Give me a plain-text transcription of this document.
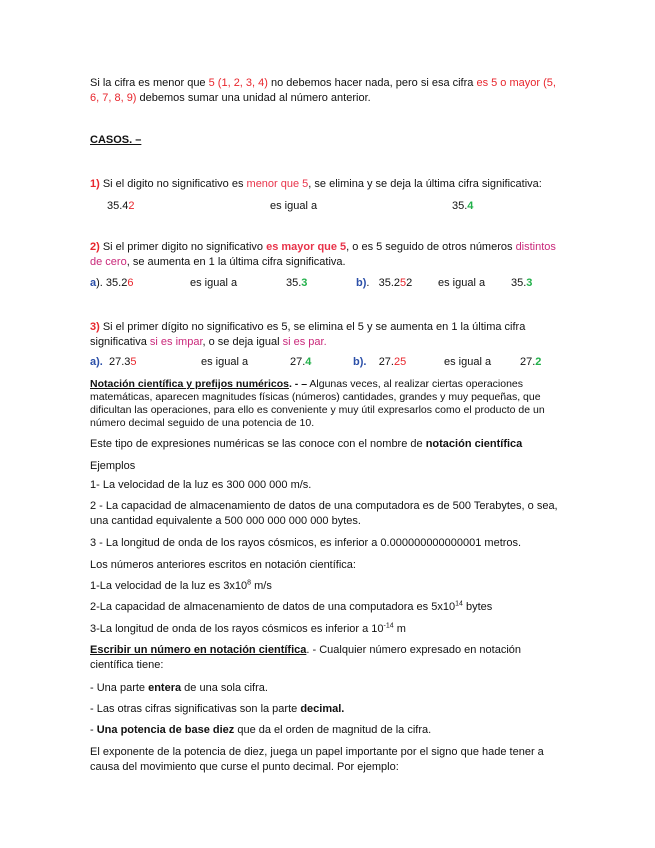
Si la cifra es menor que 5 (1, 2, 3, 4) no debemos hacer nada, pero si esa cifra es 5 o mayor (5, 6, 7, 8, 9) debemos sumar una unidad al número anterior.
CASOS. –
1) Si el digito no significativo es menor que 5, se elimina y se deja la última cifra significativa:
35.42	es igual a	35.4
2) Si el primer digito no significativo es mayor que 5, o es 5 seguido de otros números distintos de cero, se aumenta en 1 la última cifra significativa.
a). 35.26	es igual a	35.3	b). 35.252 es igual a 35.3
3) Si el primer dígito no significativo es 5, se elimina el 5 y se aumenta en 1 la última cifra significativa si es impar, o se deja igual si es par.
a). 27.35	es igual a	27.4	b). 27.25	es igual a	27.2
Notación científica y prefijos numéricos. - – Algunas veces, al realizar ciertas operaciones matemáticas, aparecen magnitudes físicas (números) cantidades, grandes y muy pequeñas, que dificultan las operaciones, para ello es conveniente y muy útil expresarlos como el producto de un número decimal seguido de una potencia de 10.
Este tipo de expresiones numéricas se las conoce con el nombre de notación científica
Ejemplos
1- La velocidad de la luz es 300 000 000 m/s.
2 - La capacidad de almacenamiento de datos de una computadora es de 500 Terabytes, o sea, una cantidad equivalente a 500 000 000 000 000 bytes.
3 - La longitud de onda de los rayos cósmicos, es inferior a 0.000000000000001 metros.
Los números anteriores escritos en notación científica:
1-La velocidad de la luz es $3x10^8$ m/s
2-La capacidad de almacenamiento de datos de una computadora es $5x10^{14}$ bytes
3-La longitud de onda de los rayos cósmicos es inferior a $10^{-14}$ m
Escribir un número en notación científica. - Cualquier número expresado en notación científica tiene:
- Una parte entera de una sola cifra.
- Las otras cifras significativas son la parte decimal.
- Una potencia de base diez que da el orden de magnitud de la cifra.
El exponente de la potencia de diez, juega un papel importante por el signo que hade tener a causa del movimiento que curse el punto decimal. Por ejemplo:
